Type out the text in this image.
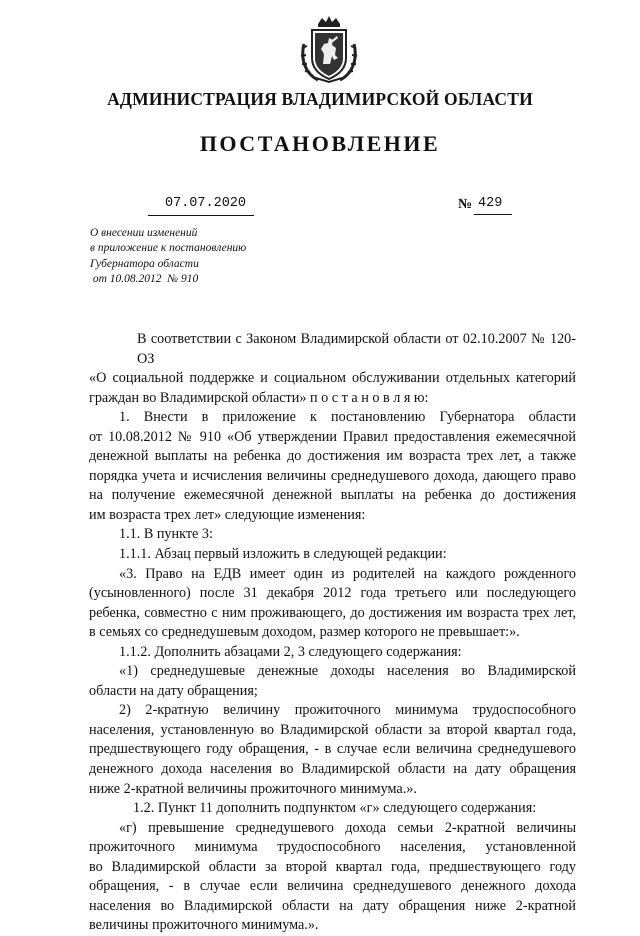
АДМИНИСТРАЦИЯ ВЛАДИМИРСКОЙ ОБЛАСТИ
ПОСТАНОВЛЕНИЕ
07.07.2020	№ 429
О внесении изменений
в приложение к постановлению
Губернатора области
от 10.08.2012  № 910
В соответствии с Законом Владимирской области от 02.10.2007 № 120-ОЗ
«О социальной поддержке и социальном обслуживании отдельных категорий
граждан во Владимирской области» п о с т а н о в л я ю:
1. Внести в приложение к постановлению Губернатора области
от 10.08.2012 № 910 «Об утверждении Правил предоставления ежемесячной
денежной выплаты на ребенка до достижения им возраста трех лет, а также
порядка учета и исчисления величины среднедушевого дохода, дающего право
на получение ежемесячной денежной выплаты на ребенка до достижения
им возраста трех лет» следующие изменения:
1.1. В пункте 3:
1.1.1. Абзац первый изложить в следующей редакции:
«3. Право на ЕДВ имеет один из родителей на каждого рожденного
(усыновленного) после 31 декабря 2012 года третьего или последующего
ребенка, совместно с ним проживающего, до достижения им возраста трех лет,
в семьях со среднедушевым доходом, размер которого не превышает:».
1.1.2. Дополнить абзацами 2, 3 следующего содержания:
«1) среднедушевые денежные доходы населения во Владимирской
области на дату обращения;
2) 2-кратную величину прожиточного минимума трудоспособного
населения, установленную во Владимирской области за второй квартал года,
предшествующего году обращения, - в случае если величина среднедушевого
денежного дохода населения во Владимирской области на дату обращения
ниже 2-кратной величины прожиточного минимума.».
1.2. Пункт 11 дополнить подпунктом «г» следующего содержания:
«г) превышение среднедушевого дохода семьи 2-кратной величины
прожиточного минимума трудоспособного населения, установленной
во Владимирской области за второй квартал года, предшествующего году
обращения, - в случае если величина среднедушевого денежного дохода
населения во Владимирской области на дату обращения ниже 2-кратной
величины прожиточного минимума.».
